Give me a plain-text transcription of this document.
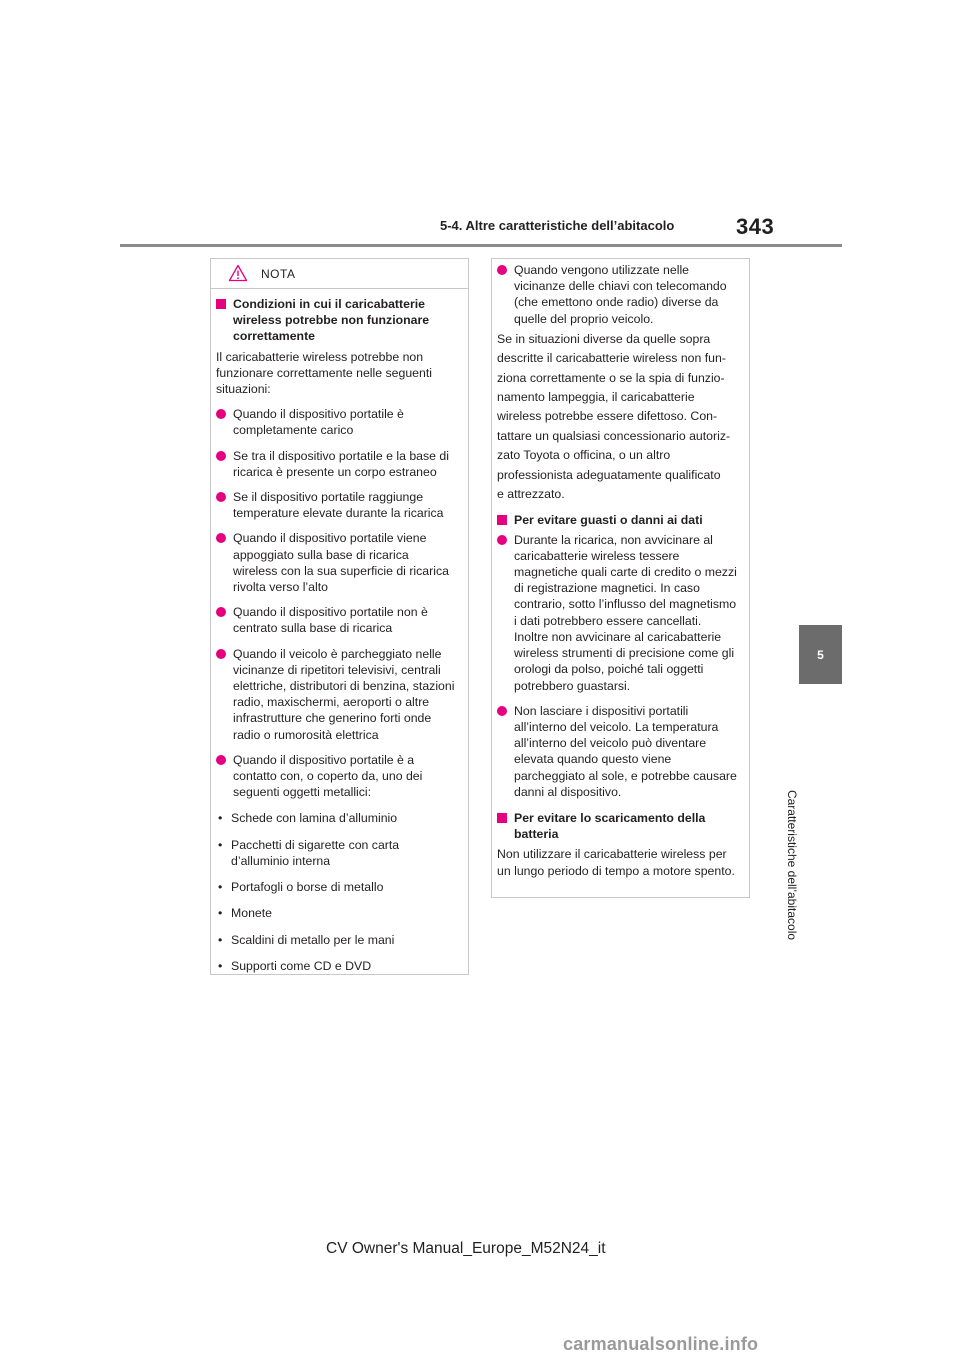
5-4. Altre caratteristiche dell’abitacolo	343
5
Caratteristiche dell’abitacolo
NOTA
Condizioni in cui il caricabatterie wireless potrebbe non funzionare correttamente
Il caricabatterie wireless potrebbe non funzionare correttamente nelle seguenti situazioni:
Quando il dispositivo portatile è completamente carico
Se tra il dispositivo portatile e la base di ricarica è presente un corpo estraneo
Se il dispositivo portatile raggiunge temperature elevate durante la ricarica
Quando il dispositivo portatile viene appoggiato sulla base di ricarica wireless con la sua superficie di ricarica rivolta verso l’alto
Quando il dispositivo portatile non è centrato sulla base di ricarica
Quando il veicolo è parcheggiato nelle vicinanze di ripetitori televisivi, centrali elettriche, distributori di benzina, stazioni radio, maxischermi, aeroporti o altre infrastrutture che generino forti onde radio o rumorosità elettrica
Quando il dispositivo portatile è a contatto con, o coperto da, uno dei seguenti oggetti metallici:
• Schede con lamina d’alluminio
• Pacchetti di sigarette con carta d’alluminio interna
• Portafogli o borse di metallo
• Monete
• Scaldini di metallo per le mani
• Supporti come CD e DVD
Quando vengono utilizzate nelle vicinanze delle chiavi con telecomando (che emettono onde radio) diverse da quelle del proprio veicolo.
Se in situazioni diverse da quelle sopra
descritte il caricabatterie wireless non fun-
ziona correttamente o se la spia di funzio-
namento lampeggia, il caricabatterie
wireless potrebbe essere difettoso. Con-
tattare un qualsiasi concessionario autoriz-
zato Toyota o officina, o un altro
professionista adeguatamente qualificato
e attrezzato.
Per evitare guasti o danni ai dati
Durante la ricarica, non avvicinare al caricabatterie wireless tessere magnetiche quali carte di credito o mezzi di registrazione magnetici. In caso contrario, sotto l’influsso del magnetismo i dati potrebbero essere cancellati. Inoltre non avvicinare al caricabatterie wireless strumenti di precisione come gli orologi da polso, poiché tali oggetti potrebbero guastarsi.
Non lasciare i dispositivi portatili all’interno del veicolo. La temperatura all’interno del veicolo può diventare elevata quando questo viene parcheggiato al sole, e potrebbe causare danni al dispositivo.
Per evitare lo scaricamento della batteria
Non utilizzare il caricabatterie wireless per un lungo periodo di tempo a motore spento.
CV Owner's Manual_Europe_M52N24_it
carmanualsonline.info
